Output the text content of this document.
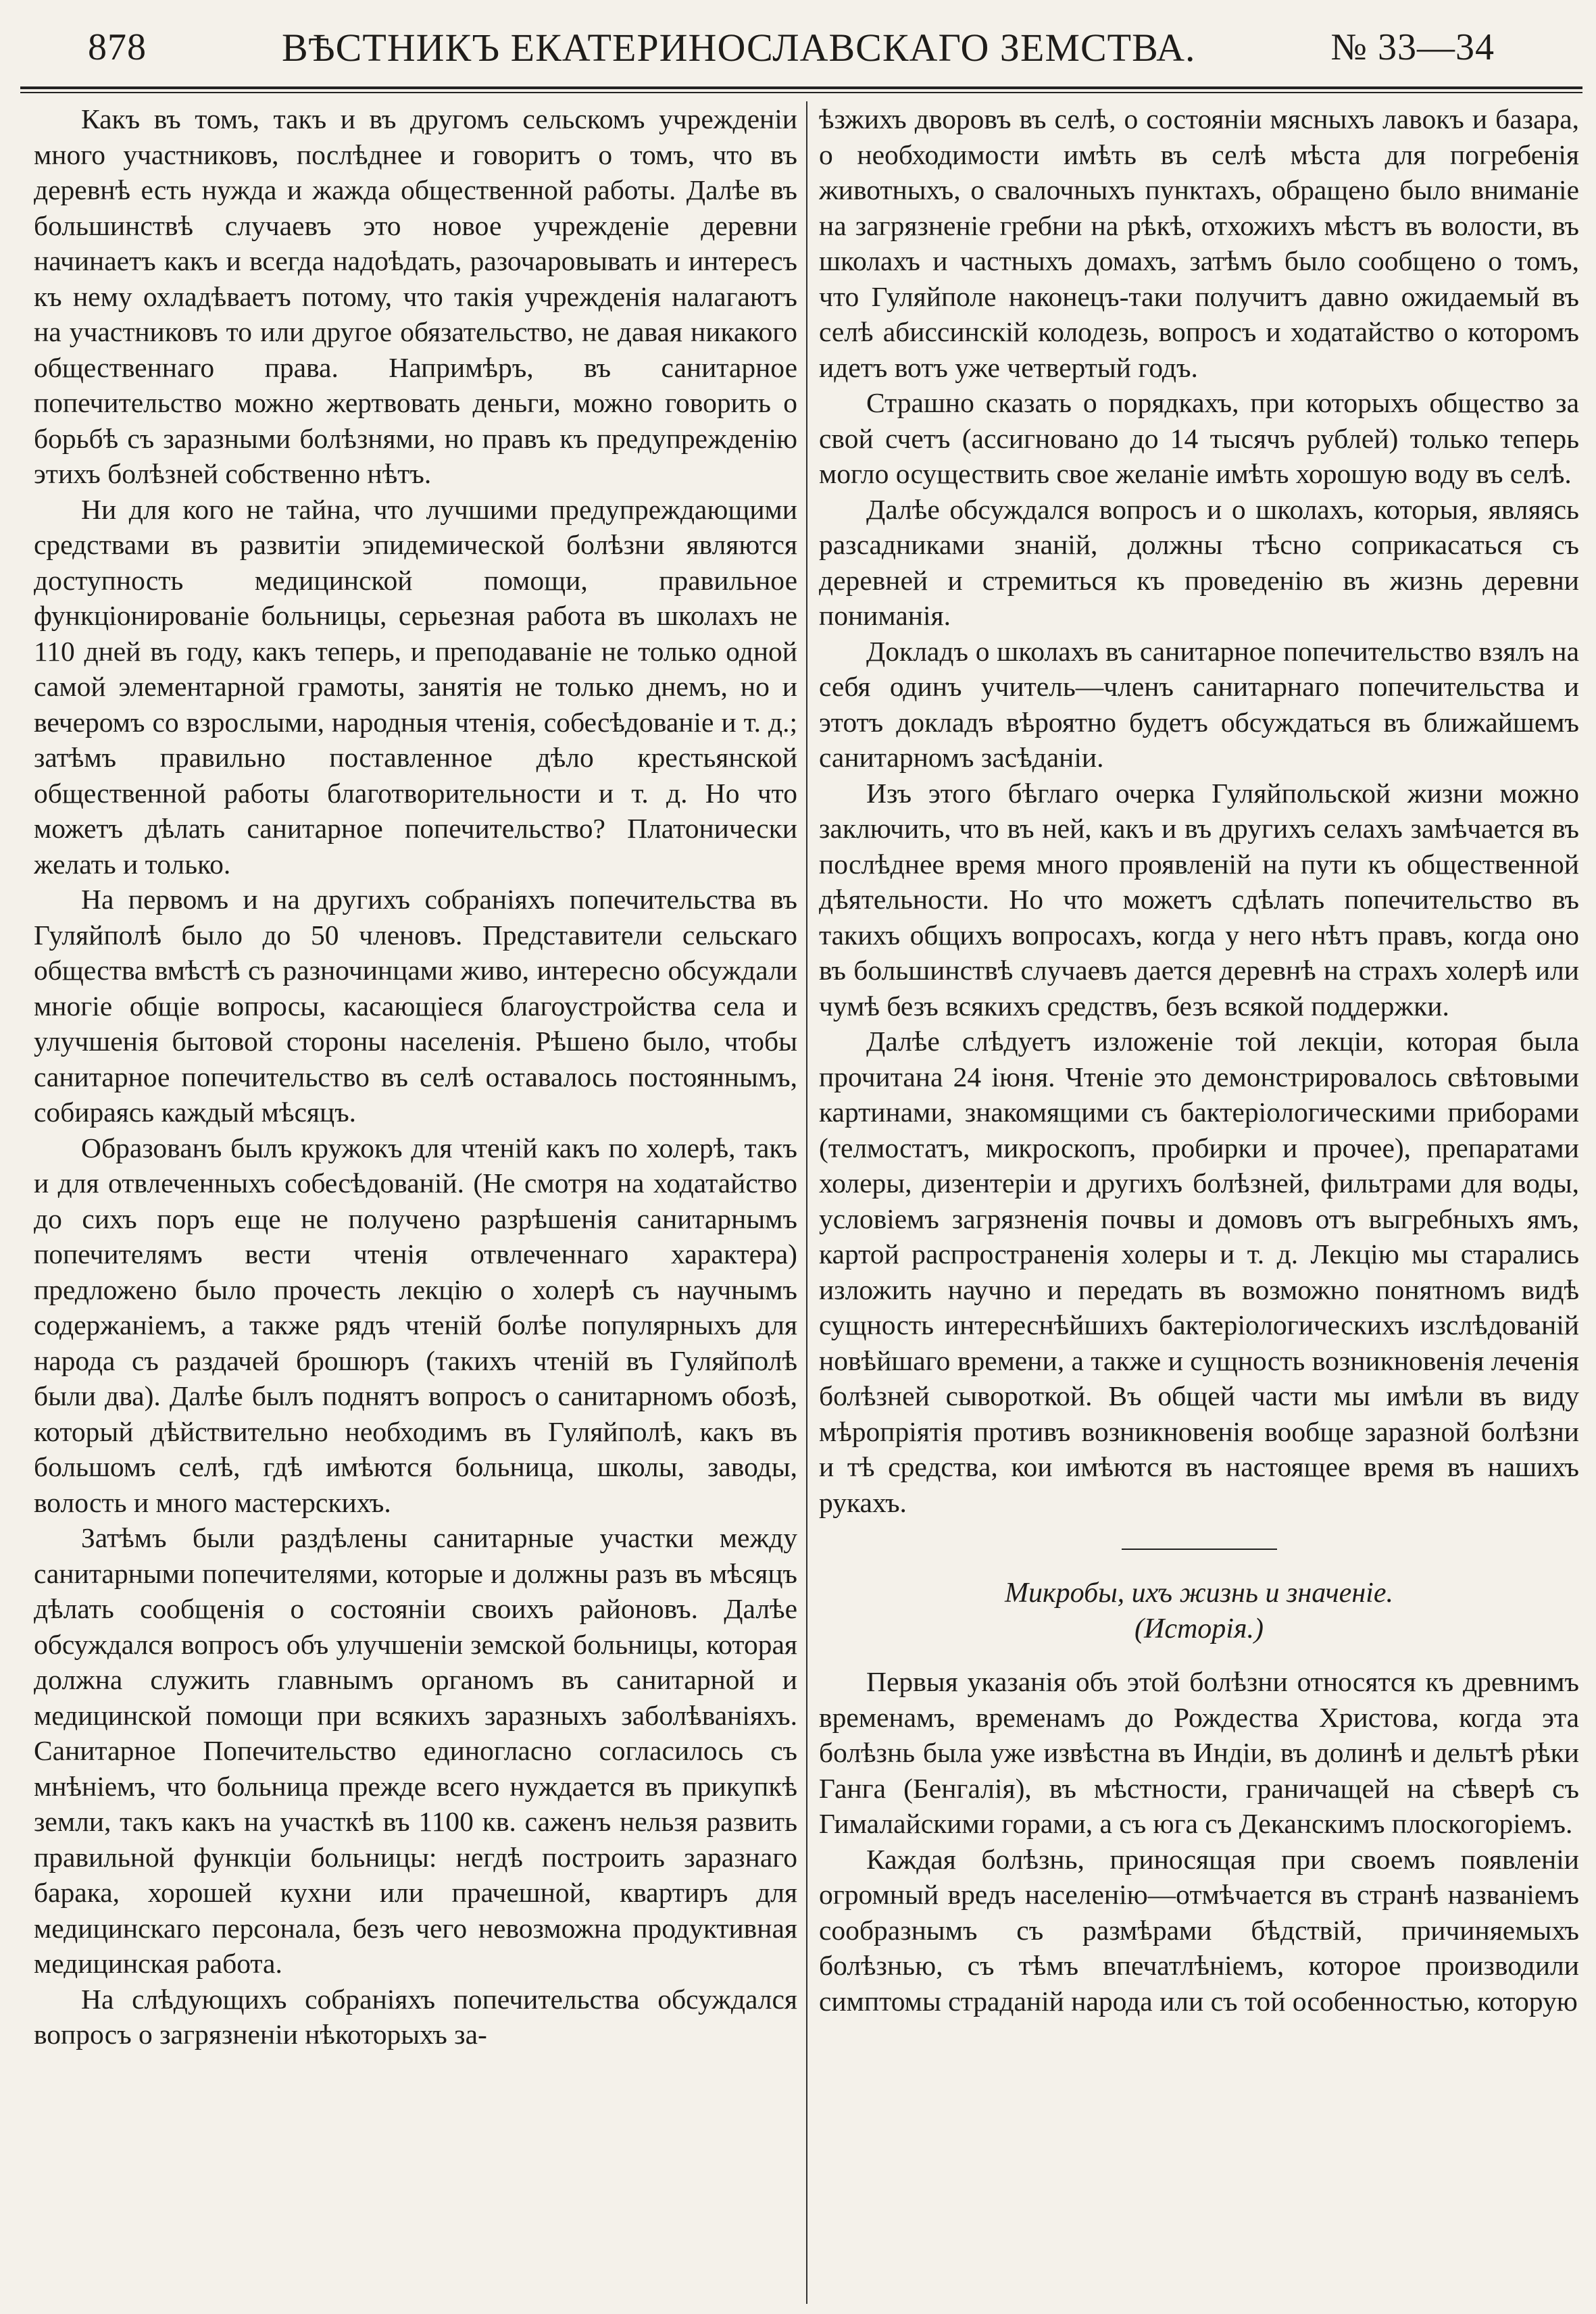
878	ВѢСТНИКЪ ЕКАТЕРИНОСЛАВСКАГО ЗЕМСТВА.	№ 33—34

Какъ въ томъ, такъ и въ другомъ сельскомъ учрежденіи много участниковъ, послѣднее и говоритъ о томъ, что въ деревнѣ есть нужда и жажда общественной работы. Далѣе въ большинствѣ случаевъ это новое учрежденіе деревни начинаетъ какъ и всегда надоѣдать, разочаровывать и интересъ къ нему охладѣваетъ потому, что такія учрежденія налагаютъ на участниковъ то или другое обязательство, не давая никакого общественнаго права. Напримѣръ, въ санитарное попечительство можно жертвовать деньги, можно говорить о борьбѣ съ заразными болѣзнями, но правъ къ предупрежденію этихъ болѣзней собственно нѣтъ.

Ни для кого не тайна, что лучшими предупреждающими средствами въ развитіи эпидемической болѣзни являются доступность медицинской помощи, правильное функціонированіе больницы, серьезная работа въ школахъ не 110 дней въ году, какъ теперь, и преподаваніе не только одной самой элементарной грамоты, занятія не только днемъ, но и вечеромъ со взрослыми, народныя чтенія, собесѣдованіе и т. д.; затѣмъ правильно поставленное дѣло крестьянской общественной работы благотворительности и т. д. Но что можетъ дѣлать санитарное попечительство? Платонически желать и только.

На первомъ и на другихъ собраніяхъ попечительства въ Гуляйполѣ было до 50 членовъ. Представители сельскаго общества вмѣстѣ съ разночинцами живо, интересно обсуждали многіе общіе вопросы, касающіеся благоустройства села и улучшенія бытовой стороны населенія. Рѣшено было, чтобы санитарное попечительство въ селѣ оставалось постояннымъ, собираясь каждый мѣсяцъ.

Образованъ былъ кружокъ для чтеній какъ по холерѣ, такъ и для отвлеченныхъ собесѣдованій. (Не смотря на ходатайство до сихъ поръ еще не получено разрѣшенія санитарнымъ попечителямъ вести чтенія отвлеченнаго характера) предложено было прочесть лекцію о холерѣ съ научнымъ содержаніемъ, а также рядъ чтеній болѣе популярныхъ для народа съ раздачей брошюръ (такихъ чтеній въ Гуляйполѣ были два). Далѣе былъ поднятъ вопросъ о санитарномъ обозѣ, который дѣйствительно необходимъ въ Гуляйполѣ, какъ въ большомъ селѣ, гдѣ имѣются больница, школы, заводы, волость и много мастерскихъ.

Затѣмъ были раздѣлены санитарные участки между санитарными попечителями, которые и должны разъ въ мѣсяцъ дѣлать сообщенія о состояніи своихъ районовъ. Далѣе обсуждался вопросъ объ улучшеніи земской больницы, которая должна служить главнымъ органомъ въ санитарной и медицинской помощи при всякихъ заразныхъ заболѣваніяхъ. Санитарное Попечительство единогласно согласилось съ мнѣніемъ, что больница прежде всего нуждается въ прикупкѣ земли, такъ какъ на участкѣ въ 1100 кв. саженъ нельзя развить правильной функціи больницы: негдѣ построить заразнаго барака, хорошей кухни или прачешной, квартиръ для медицинскаго персонала, безъ чего невозможна продуктивная медицинская работа.

На слѣдующихъ собраніяхъ попечительства обсуждался вопросъ о загрязненіи нѣкоторыхъ за-

ѣзжихъ дворовъ въ селѣ, о состояніи мясныхъ лавокъ и базара, о необходимости имѣть въ селѣ мѣста для погребенія животныхъ, о свалочныхъ пунктахъ, обращено было вниманіе на загрязненіе гребни на рѣкѣ, отхожихъ мѣстъ въ волости, въ школахъ и частныхъ домахъ, затѣмъ было сообщено о томъ, что Гуляйполе наконецъ-таки получитъ давно ожидаемый въ селѣ абиссинскій колодезь, вопросъ и ходатайство о которомъ идетъ вотъ уже четвертый годъ.

Страшно сказать о порядкахъ, при которыхъ общество за свой счетъ (ассигновано до 14 тысячъ рублей) только теперь могло осуществить свое желаніе имѣть хорошую воду въ селѣ.

Далѣе обсуждался вопросъ и о школахъ, которыя, являясь разсадниками знаній, должны тѣсно соприкасаться съ деревней и стремиться къ проведенію въ жизнь деревни пониманія.

Докладъ о школахъ въ санитарное попечительство взялъ на себя одинъ учитель—членъ санитарнаго попечительства и этотъ докладъ вѣроятно будетъ обсуждаться въ ближайшемъ санитарномъ засѣданіи.

Изъ этого бѣглаго очерка Гуляйпольской жизни можно заключить, что въ ней, какъ и въ другихъ селахъ замѣчается въ послѣднее время много проявленій на пути къ общественной дѣятельности. Но что можетъ сдѣлать попечительство въ такихъ общихъ вопросахъ, когда у него нѣтъ правъ, когда оно въ большинствѣ случаевъ дается деревнѣ на страхъ холерѣ или чумѣ безъ всякихъ средствъ, безъ всякой поддержки.

Далѣе слѣдуетъ изложеніе той лекціи, которая была прочитана 24 іюня. Чтеніе это демонстрировалось свѣтовыми картинами, знакомящими съ бактеріологическими приборами (телмостатъ, микроскопъ, пробирки и прочее), препаратами холеры, дизентеріи и другихъ болѣзней, фильтрами для воды, условіемъ загрязненія почвы и домовъ отъ выгребныхъ ямъ, картой распространенія холеры и т. д. Лекцію мы старались изложить научно и передать въ возможно понятномъ видѣ сущность интереснѣйшихъ бактеріологическихъ изслѣдованій новѣйшаго времени, а также и сущность возникновенія леченія болѣзней сывороткой. Въ общей части мы имѣли въ виду мѣропріятія противъ возникновенія вообще заразной болѣзни и тѣ средства, кои имѣются въ настоящее время въ нашихъ рукахъ.

Микробы, ихъ жизнь и значеніе.

(Исторія.)

Первыя указанія объ этой болѣзни относятся къ древнимъ временамъ, временамъ до Рождества Христова, когда эта болѣзнь была уже извѣстна въ Индіи, въ долинѣ и дельтѣ рѣки Ганга (Бенгалія), въ мѣстности, граничащей на сѣверѣ съ Гималайскими горами, а съ юга съ Деканскимъ плоскогоріемъ.

Каждая болѣзнь, приносящая при своемъ появленіи огромный вредъ населенію—отмѣчается въ странѣ названіемъ сообразнымъ съ размѣрами бѣдствій, причиняемыхъ болѣзнью, съ тѣмъ впечатлѣніемъ, которое производили симптомы страданій народа или съ той особенностью, которую
